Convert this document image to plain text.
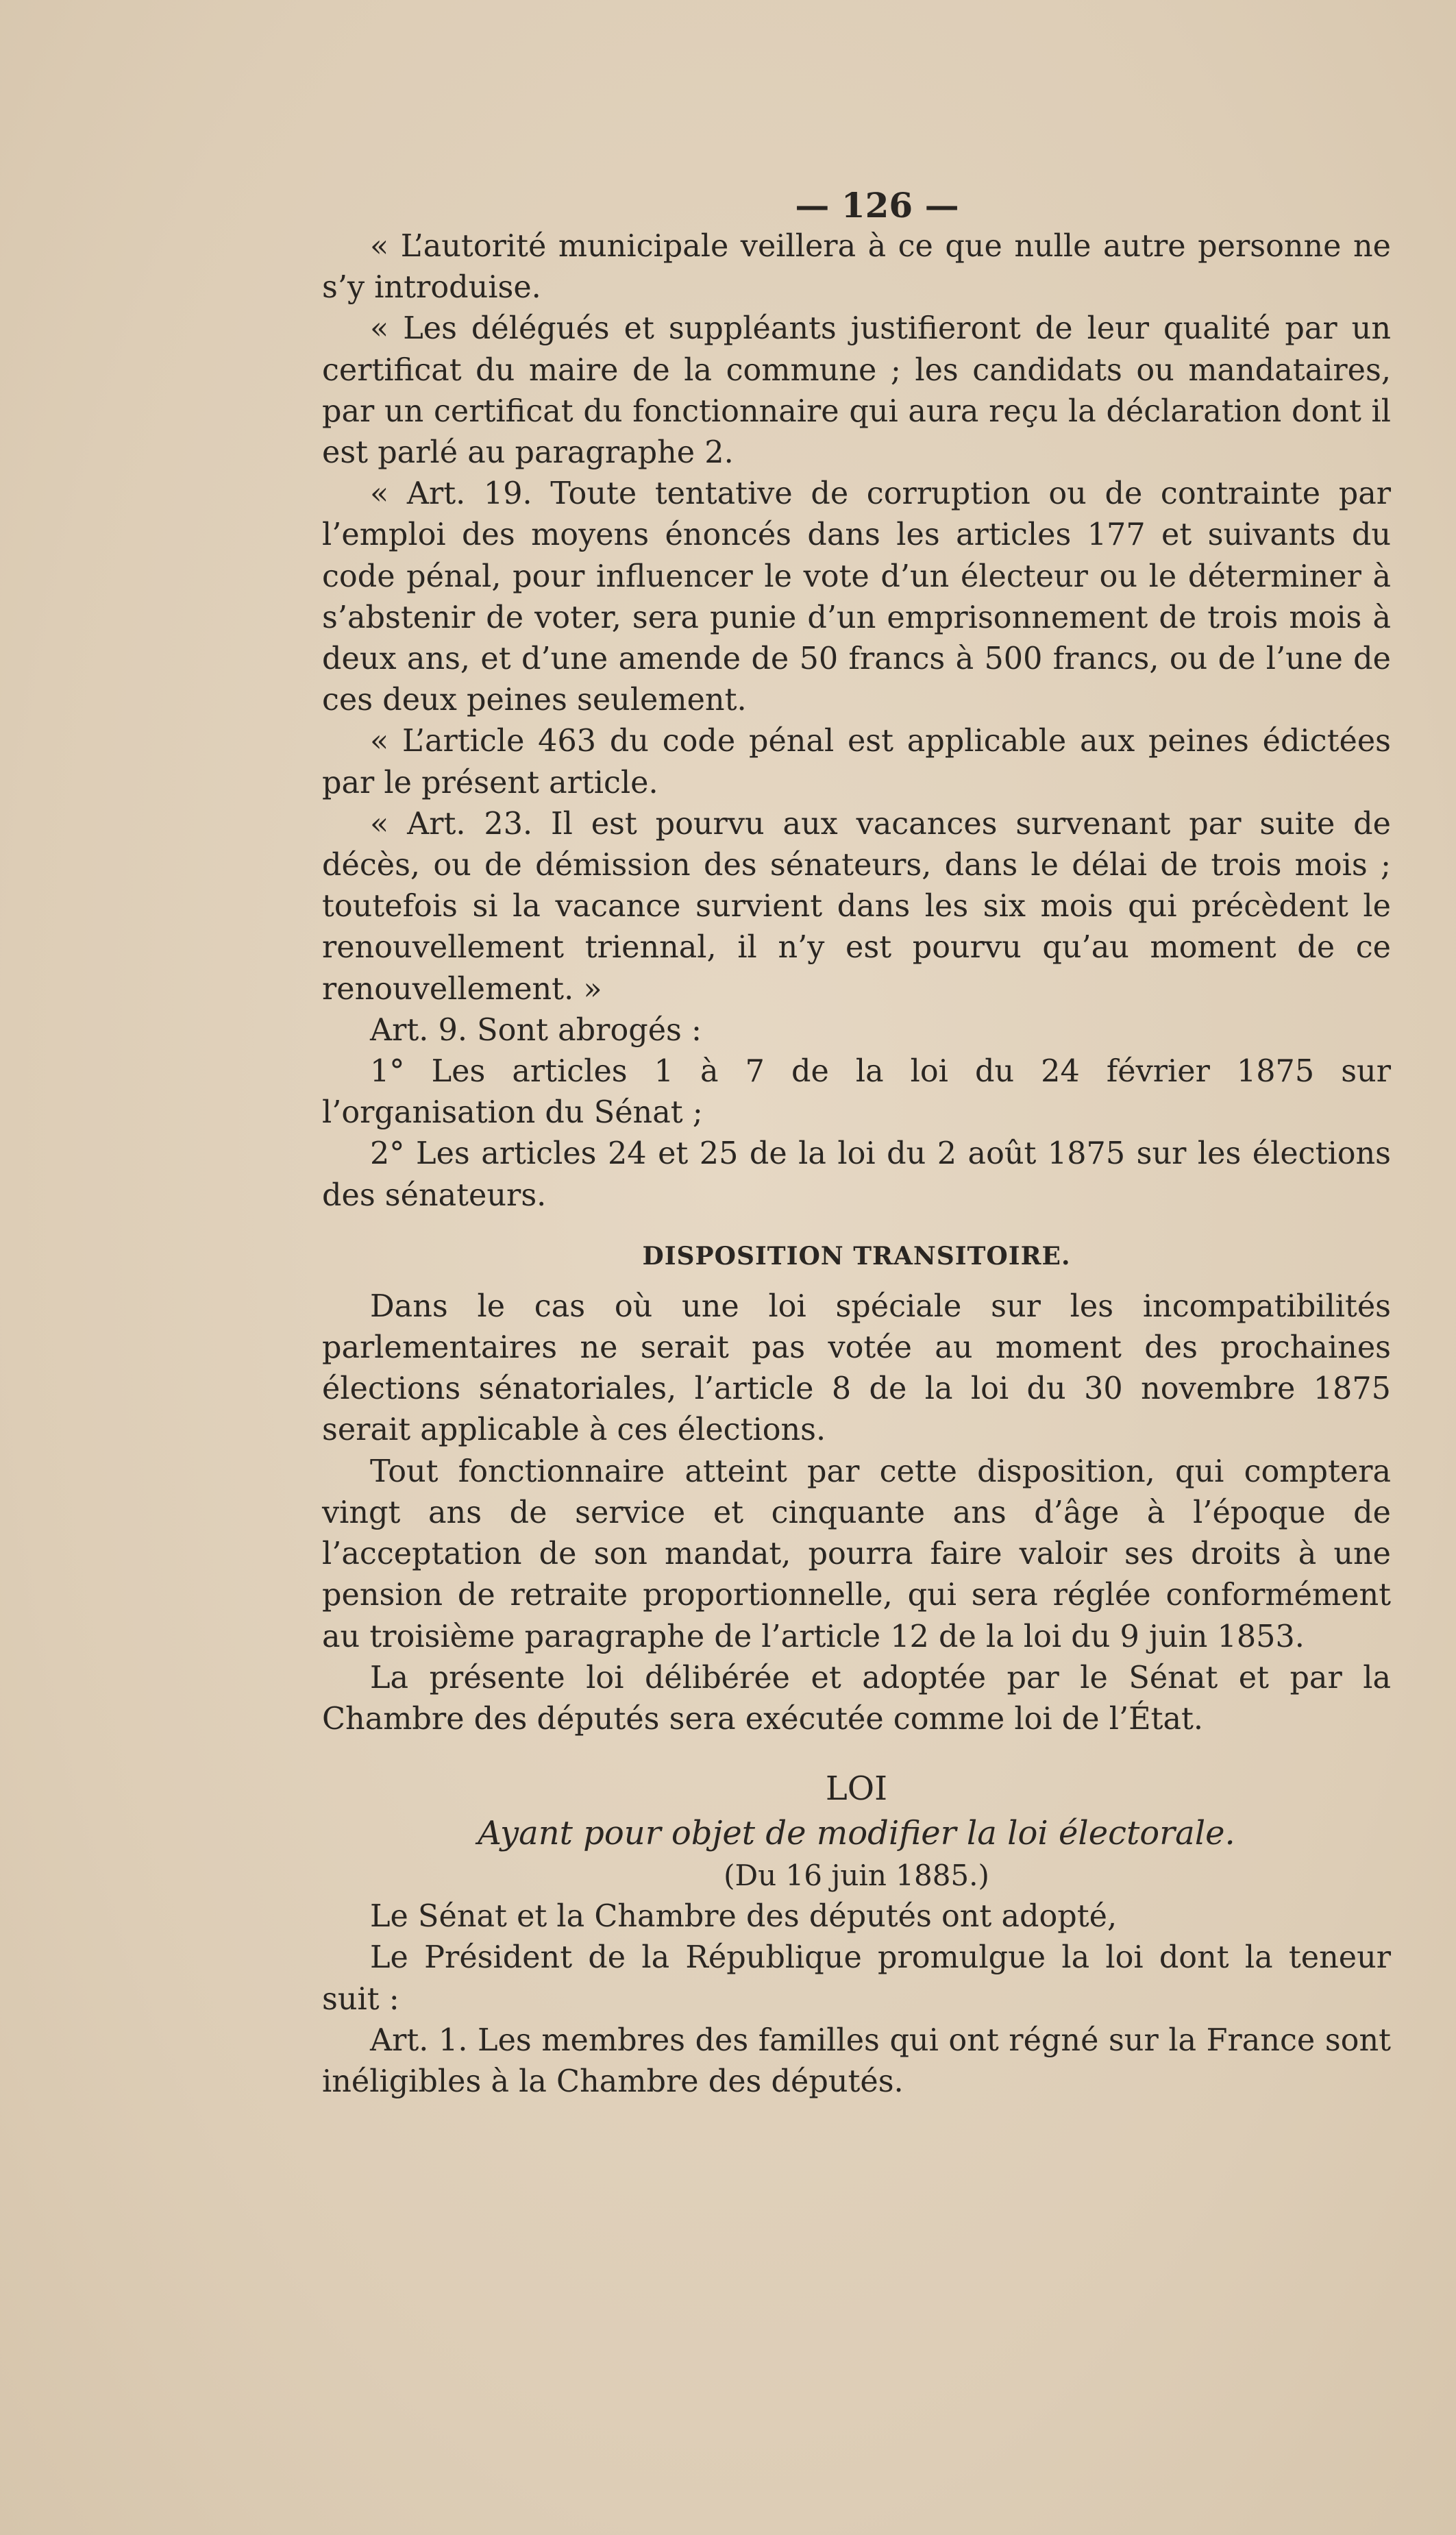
— 126 —

« L’autorité municipale veillera à ce que nulle autre personne ne s’y introduise.

« Les délégués et suppléants justifieront de leur qualité par un certificat du maire de la commune ; les candidats ou mandataires, par un certificat du fonctionnaire qui aura reçu la déclaration dont il est parlé au paragraphe 2.

« Art. 19. Toute tentative de corruption ou de contrainte par l’emploi des moyens énoncés dans les articles 177 et suivants du code pénal, pour influencer le vote d’un électeur ou le déterminer à s’abstenir de voter, sera punie d’un emprisonnement de trois mois à deux ans, et d’une amende de 50 francs à 500 francs, ou de l’une de ces deux peines seulement.

« L’article 463 du code pénal est applicable aux peines édictées par le présent article.

« Art. 23. Il est pourvu aux vacances survenant par suite de décès, ou de démission des sénateurs, dans le délai de trois mois ; toutefois si la vacance survient dans les six mois qui précèdent le renouvellement triennal, il n’y est pourvu qu’au moment de ce renouvellement. »

Art. 9. Sont abrogés :

1° Les articles 1 à 7 de la loi du 24 février 1875 sur l’organisation du Sénat ;

2° Les articles 24 et 25 de la loi du 2 août 1875 sur les élections des sénateurs.

DISPOSITION TRANSITOIRE.

Dans le cas où une loi spéciale sur les incompatibilités parlementaires ne serait pas votée au moment des prochaines élections sénatoriales, l’article 8 de la loi du 30 novembre 1875 serait applicable à ces élections.

Tout fonctionnaire atteint par cette disposition, qui comptera vingt ans de service et cinquante ans d’âge à l’époque de l’acceptation de son mandat, pourra faire valoir ses droits à une pension de retraite proportionnelle, qui sera réglée conformément au troisième paragraphe de l’article 12 de la loi du 9 juin 1853.

La présente loi délibérée et adoptée par le Sénat et par la Chambre des députés sera exécutée comme loi de l’État.

LOI
Ayant pour objet de modifier la loi électorale.
(Du 16 juin 1885.)

Le Sénat et la Chambre des députés ont adopté,

Le Président de la République promulgue la loi dont la teneur suit :

Art. 1. Les membres des familles qui ont régné sur la France sont inéligibles à la Chambre des députés.
